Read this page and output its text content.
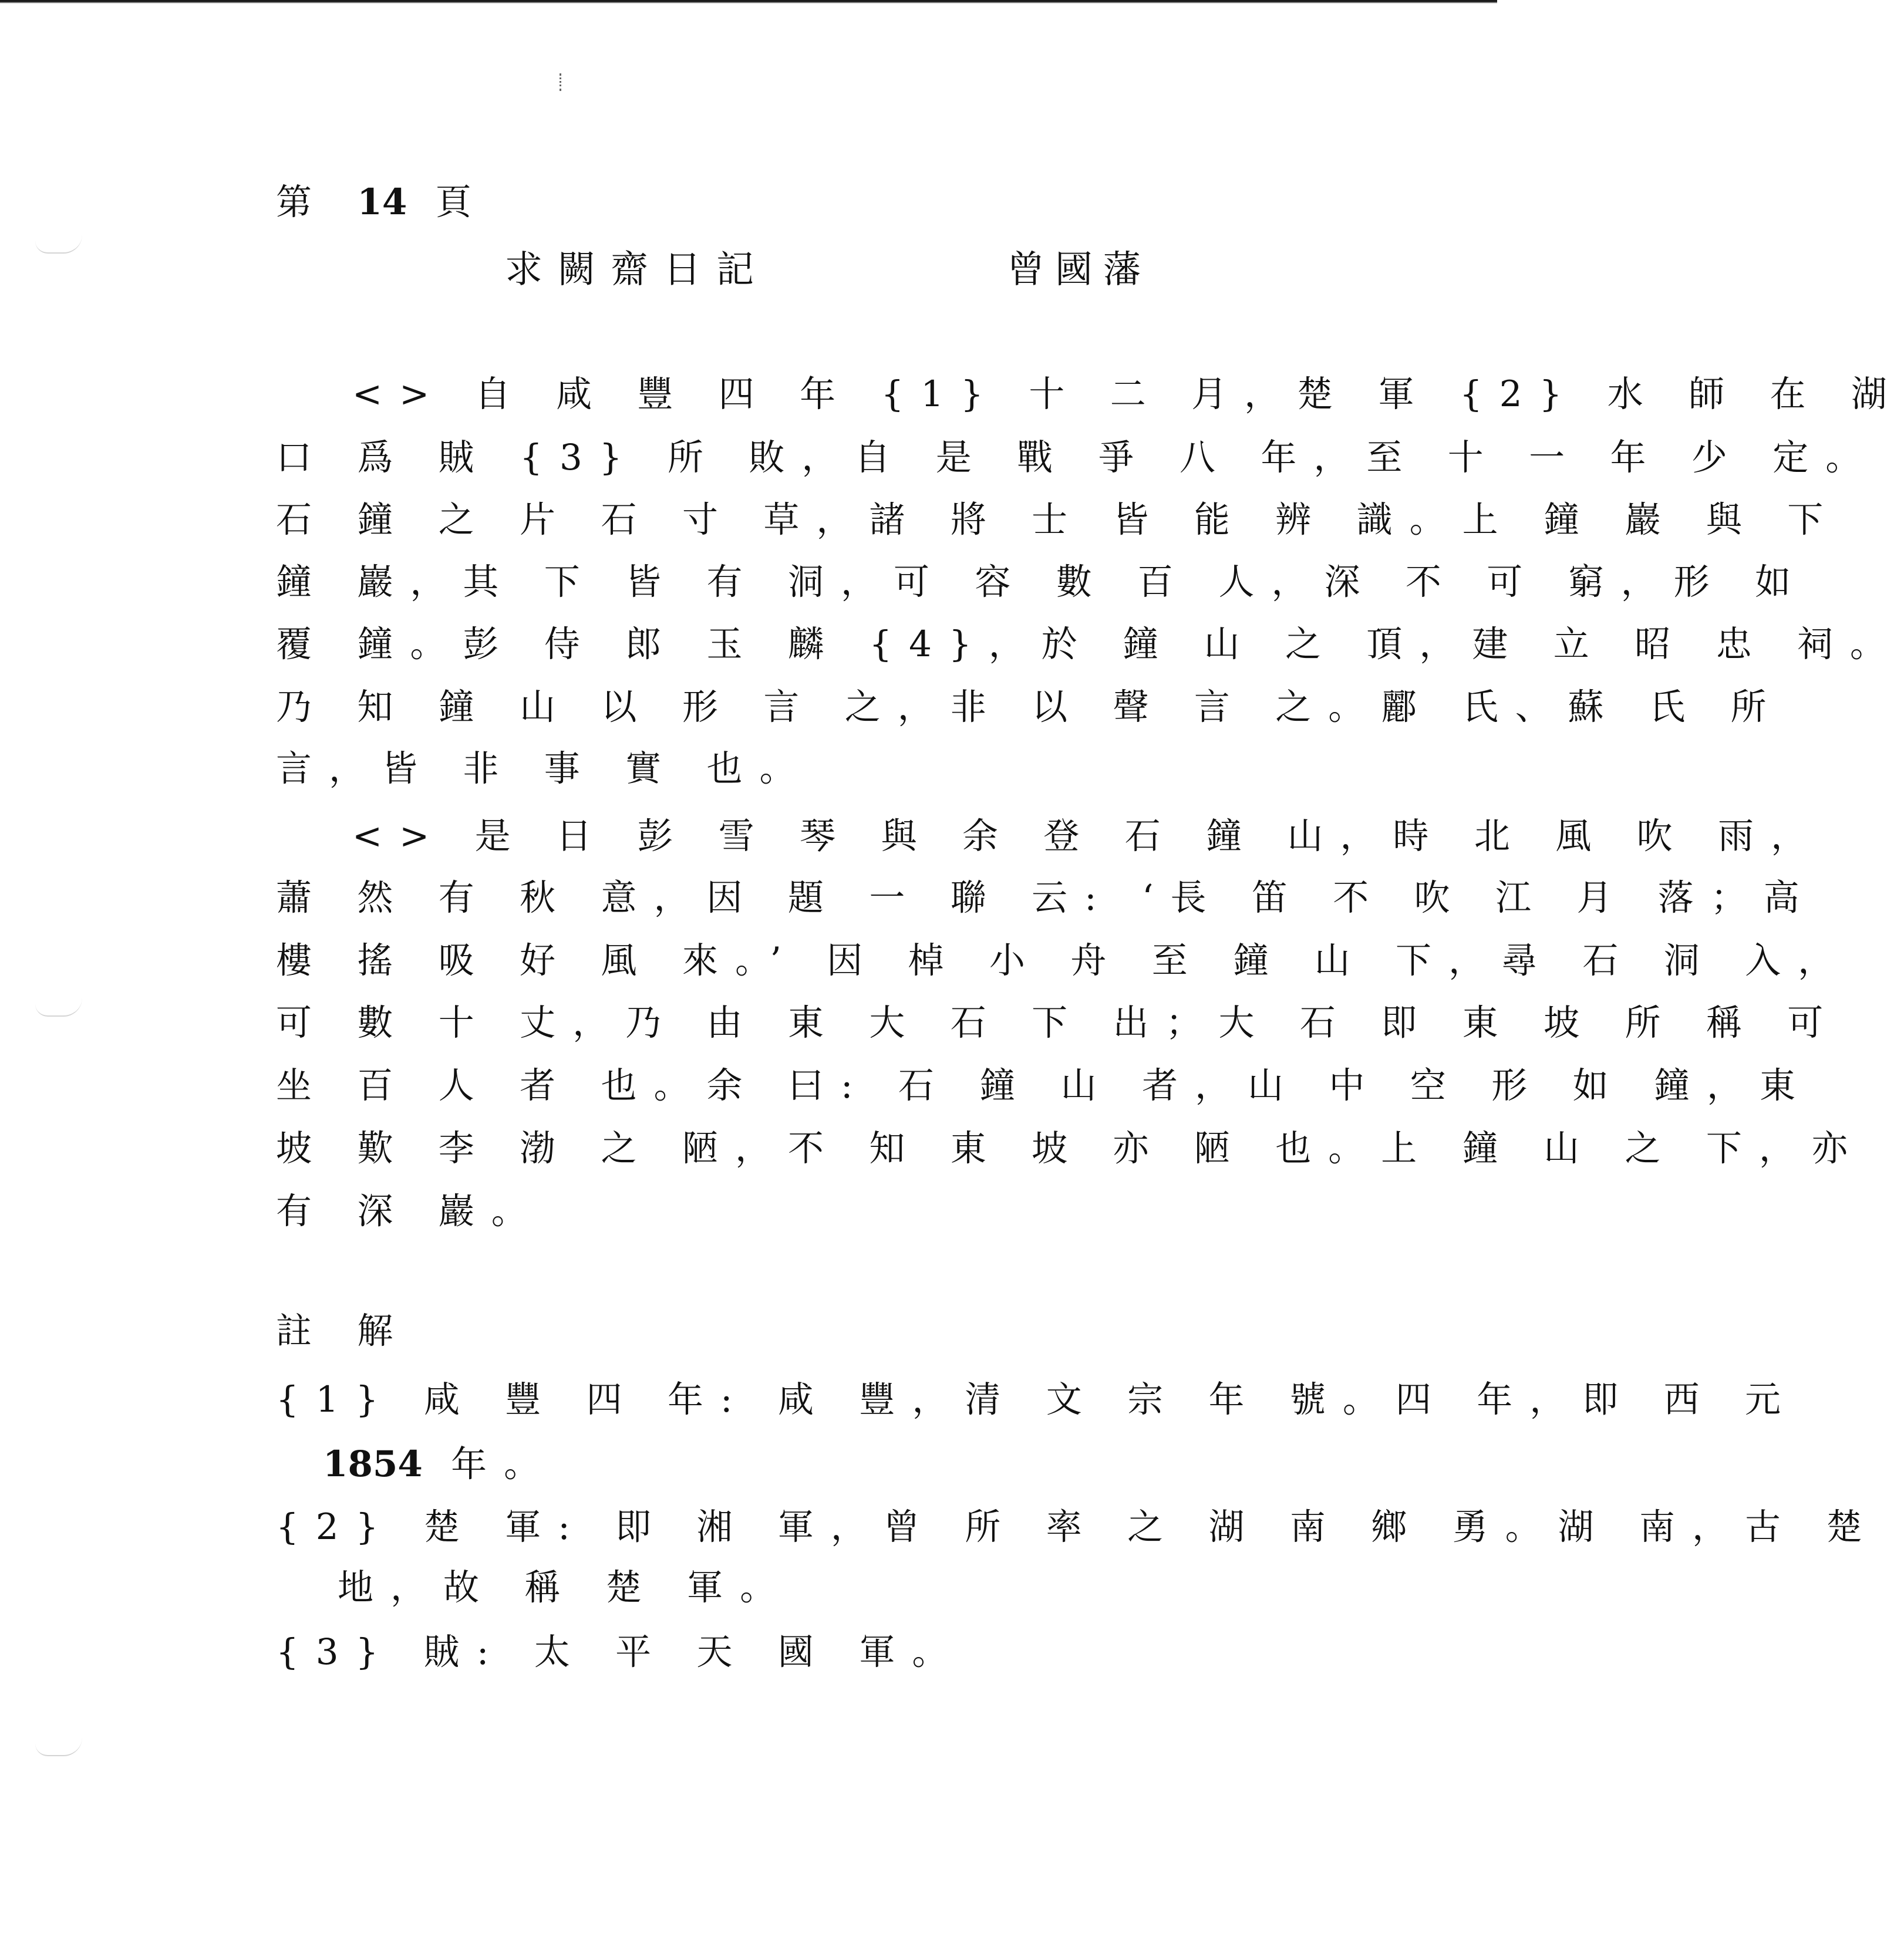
第 14 頁
求闕齋日記	曾國藩
<> 自 咸 豐 四 年 {1} 十 二 月，楚 軍 {2} 水 師 在 湖
口 爲 賊 {3} 所 敗，自 是 戰 爭 八 年，至 十 一 年 少 定。
石 鐘 之 片 石 寸 草，諸 將 士 皆 能 辨 識。上 鐘 巖 與 下
鐘 巖，其 下 皆 有 洞，可 容 數 百 人，深 不 可 窮，形 如
覆 鐘。彭 侍 郎 玉 麟 {4}，於 鐘 山 之 頂，建 立 昭 忠 祠。
乃 知 鐘 山 以 形 言 之，非 以 聲 言 之。酈 氏、蘇 氏 所
言，皆 非 事 實 也。
<> 是 日 彭 雪 琴 與 余 登 石 鐘 山，時 北 風 吹 雨，
蕭 然 有 秋 意，因 題 一 聯 云: ‘長 笛 不 吹 江 月 落；高
樓 搖 吸 好 風 來。’ 因 棹 小 舟 至 鐘 山 下，尋 石 洞 入，
可 數 十 丈，乃 由 東 大 石 下 出；大 石 即 東 坡 所 稱 可
坐 百 人 者 也。余 曰: 石 鐘 山 者，山 中 空 形 如 鐘，東
坡 歎 李 渤 之 陋，不 知 東 坡 亦 陋 也。上 鐘 山 之 下，亦
有 深 巖。
註 解
{1} 咸 豐 四 年: 咸 豐，清 文 宗 年 號。四 年，即 西 元
1854 年。
{2} 楚 軍: 即 湘 軍，曾 所 率 之 湖 南 鄉 勇。湖 南，古 楚
地，故 稱 楚 軍。
{3} 賊: 太 平 天 國 軍。
